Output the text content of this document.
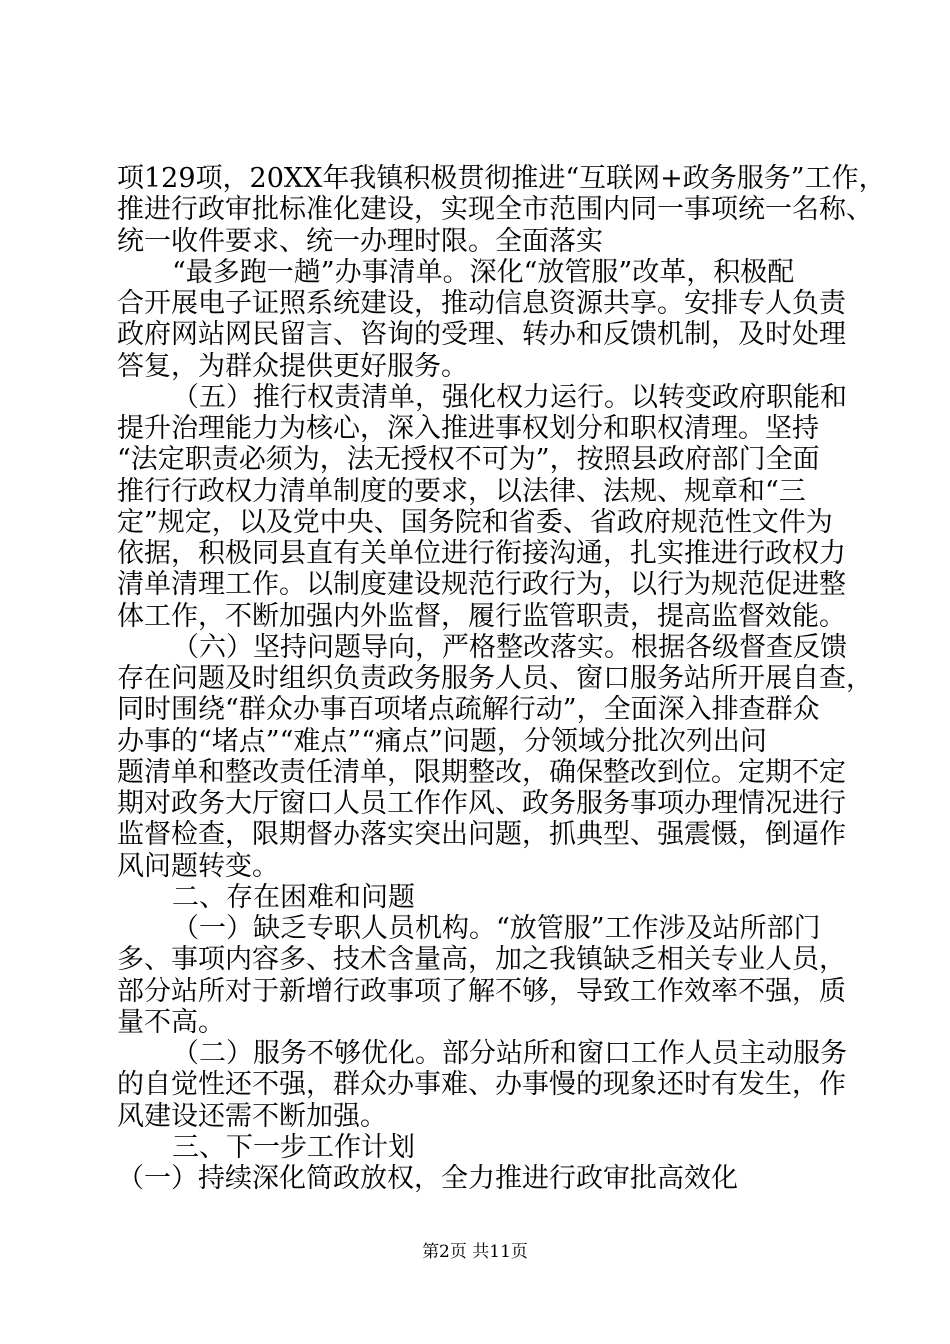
项129项，20XX年我镇积极贯彻推进“互联网+政务服务”工作，
推进行政审批标准化建设，实现全市范围内同一事项统一名称、
统一收件要求、统一办理时限。全面落实
“最多跑一趟”办事清单。深化“放管服”改革，积极配
合开展电子证照系统建设，推动信息资源共享。安排专人负责
政府网站网民留言、咨询的受理、转办和反馈机制，及时处理
答复，为群众提供更好服务。
（五）推行权责清单，强化权力运行。以转变政府职能和
提升治理能力为核心，深入推进事权划分和职权清理。坚持
“法定职责必须为，法无授权不可为”，按照县政府部门全面
推行行政权力清单制度的要求，以法律、法规、规章和“三
定”规定，以及党中央、国务院和省委、省政府规范性文件为
依据，积极同县直有关单位进行衔接沟通，扎实推进行政权力
清单清理工作。以制度建设规范行政行为，以行为规范促进整
体工作，不断加强内外监督，履行监管职责，提高监督效能。
（六）坚持问题导向，严格整改落实。根据各级督查反馈
存在问题及时组织负责政务服务人员、窗口服务站所开展自查，
同时围绕“群众办事百项堵点疏解行动”，全面深入排查群众
办事的“堵点”“难点”“痛点”问题，分领域分批次列出问
题清单和整改责任清单，限期整改，确保整改到位。定期不定
期对政务大厅窗口人员工作作风、政务服务事项办理情况进行
监督检查，限期督办落实突出问题，抓典型、强震慑，倒逼作
风问题转变。
二、存在困难和问题
（一）缺乏专职人员机构。“放管服”工作涉及站所部门
多、事项内容多、技术含量高，加之我镇缺乏相关专业人员，
部分站所对于新增行政事项了解不够，导致工作效率不强，质
量不高。
（二）服务不够优化。部分站所和窗口工作人员主动服务
的自觉性还不强，群众办事难、办事慢的现象还时有发生，作
风建设还需不断加强。
三、下一步工作计划
（一）持续深化简政放权，全力推进行政审批高效化
第2页 共11页
